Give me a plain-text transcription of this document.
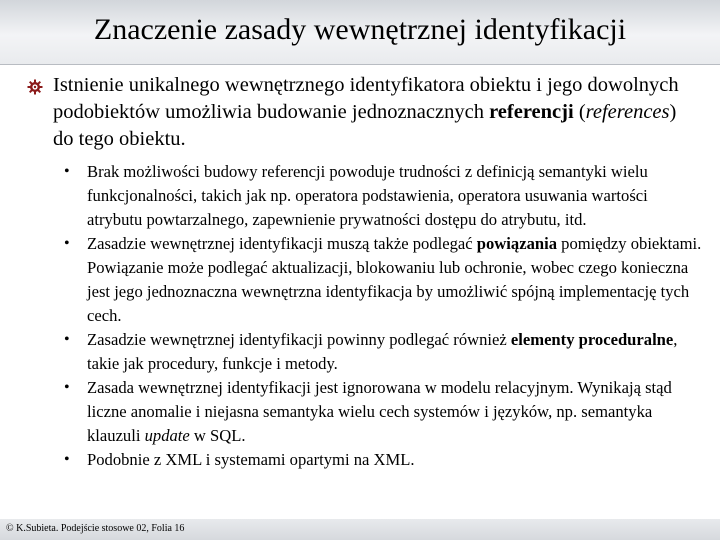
Znaczenie zasady wewnętrznej identyfikacji
Istnienie unikalnego wewnętrznego identyfikatora obiektu i jego dowolnych podobiektów umożliwia budowanie jednoznacznych referencji (references) do tego obiektu.
• Brak możliwości budowy referencji powoduje trudności z definicją semantyki wielu funkcjonalności, takich jak np. operatora podstawienia, operatora usuwania wartości atrybutu powtarzalnego, zapewnienie prywatności dostępu do atrybutu, itd.
• Zasadzie wewnętrznej identyfikacji muszą także podlegać powiązania pomiędzy obiektami. Powiązanie może podlegać aktualizacji, blokowaniu lub ochronie, wobec czego konieczna jest jego jednoznaczna wewnętrzna identyfikacja by umożliwić spójną implementację tych cech.
• Zasadzie wewnętrznej identyfikacji powinny podlegać również elementy proceduralne, takie jak procedury, funkcje i metody.
• Zasada wewnętrznej identyfikacji jest ignorowana w modelu relacyjnym. Wynikają stąd liczne anomalie i niejasna semantyka wielu cech systemów i języków, np. semantyka klauzuli update w SQL.
• Podobnie z XML i systemami opartymi na XML.
© K.Subieta. Podejście stosowe 02, Folia 16
